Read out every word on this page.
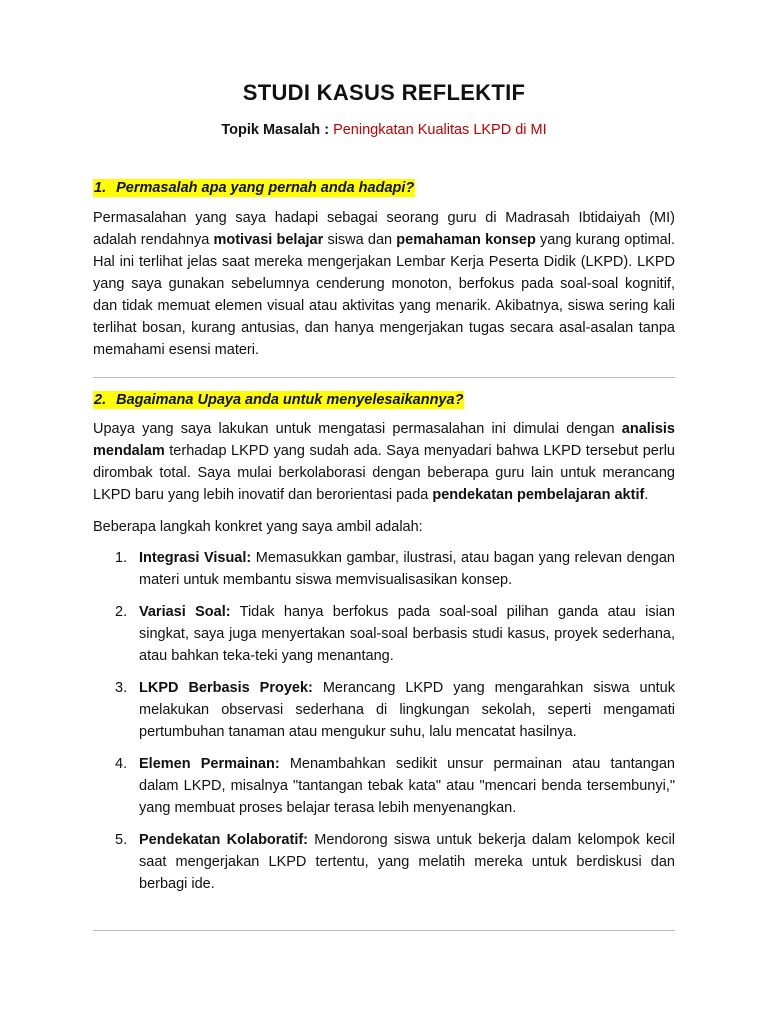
STUDI KASUS REFLEKTIF
Topik Masalah : Peningkatan Kualitas LKPD di MI
1. Permasalah apa yang pernah anda hadapi?

Permasalahan yang saya hadapi sebagai seorang guru di Madrasah Ibtidaiyah (MI) adalah rendahnya motivasi belajar siswa dan pemahaman konsep yang kurang optimal. Hal ini terlihat jelas saat mereka mengerjakan Lembar Kerja Peserta Didik (LKPD). LKPD yang saya gunakan sebelumnya cenderung monoton, berfokus pada soal-soal kognitif, dan tidak memuat elemen visual atau aktivitas yang menarik. Akibatnya, siswa sering kali terlihat bosan, kurang antusias, dan hanya mengerjakan tugas secara asal-asalan tanpa memahami esensi materi.

2. Bagaimana Upaya anda untuk menyelesaikannya?

Upaya yang saya lakukan untuk mengatasi permasalahan ini dimulai dengan analisis mendalam terhadap LKPD yang sudah ada. Saya menyadari bahwa LKPD tersebut perlu dirombak total. Saya mulai berkolaborasi dengan beberapa guru lain untuk merancang LKPD baru yang lebih inovatif dan berorientasi pada pendekatan pembelajaran aktif.

Beberapa langkah konkret yang saya ambil adalah:

1. Integrasi Visual: Memasukkan gambar, ilustrasi, atau bagan yang relevan dengan materi untuk membantu siswa memvisualisasikan konsep.
2. Variasi Soal: Tidak hanya berfokus pada soal-soal pilihan ganda atau isian singkat, saya juga menyertakan soal-soal berbasis studi kasus, proyek sederhana, atau bahkan teka-teki yang menantang.
3. LKPD Berbasis Proyek: Merancang LKPD yang mengarahkan siswa untuk melakukan observasi sederhana di lingkungan sekolah, seperti mengamati pertumbuhan tanaman atau mengukur suhu, lalu mencatat hasilnya.
4. Elemen Permainan: Menambahkan sedikit unsur permainan atau tantangan dalam LKPD, misalnya "tantangan tebak kata" atau "mencari benda tersembunyi," yang membuat proses belajar terasa lebih menyenangkan.
5. Pendekatan Kolaboratif: Mendorong siswa untuk bekerja dalam kelompok kecil saat mengerjakan LKPD tertentu, yang melatih mereka untuk berdiskusi dan berbagi ide.
